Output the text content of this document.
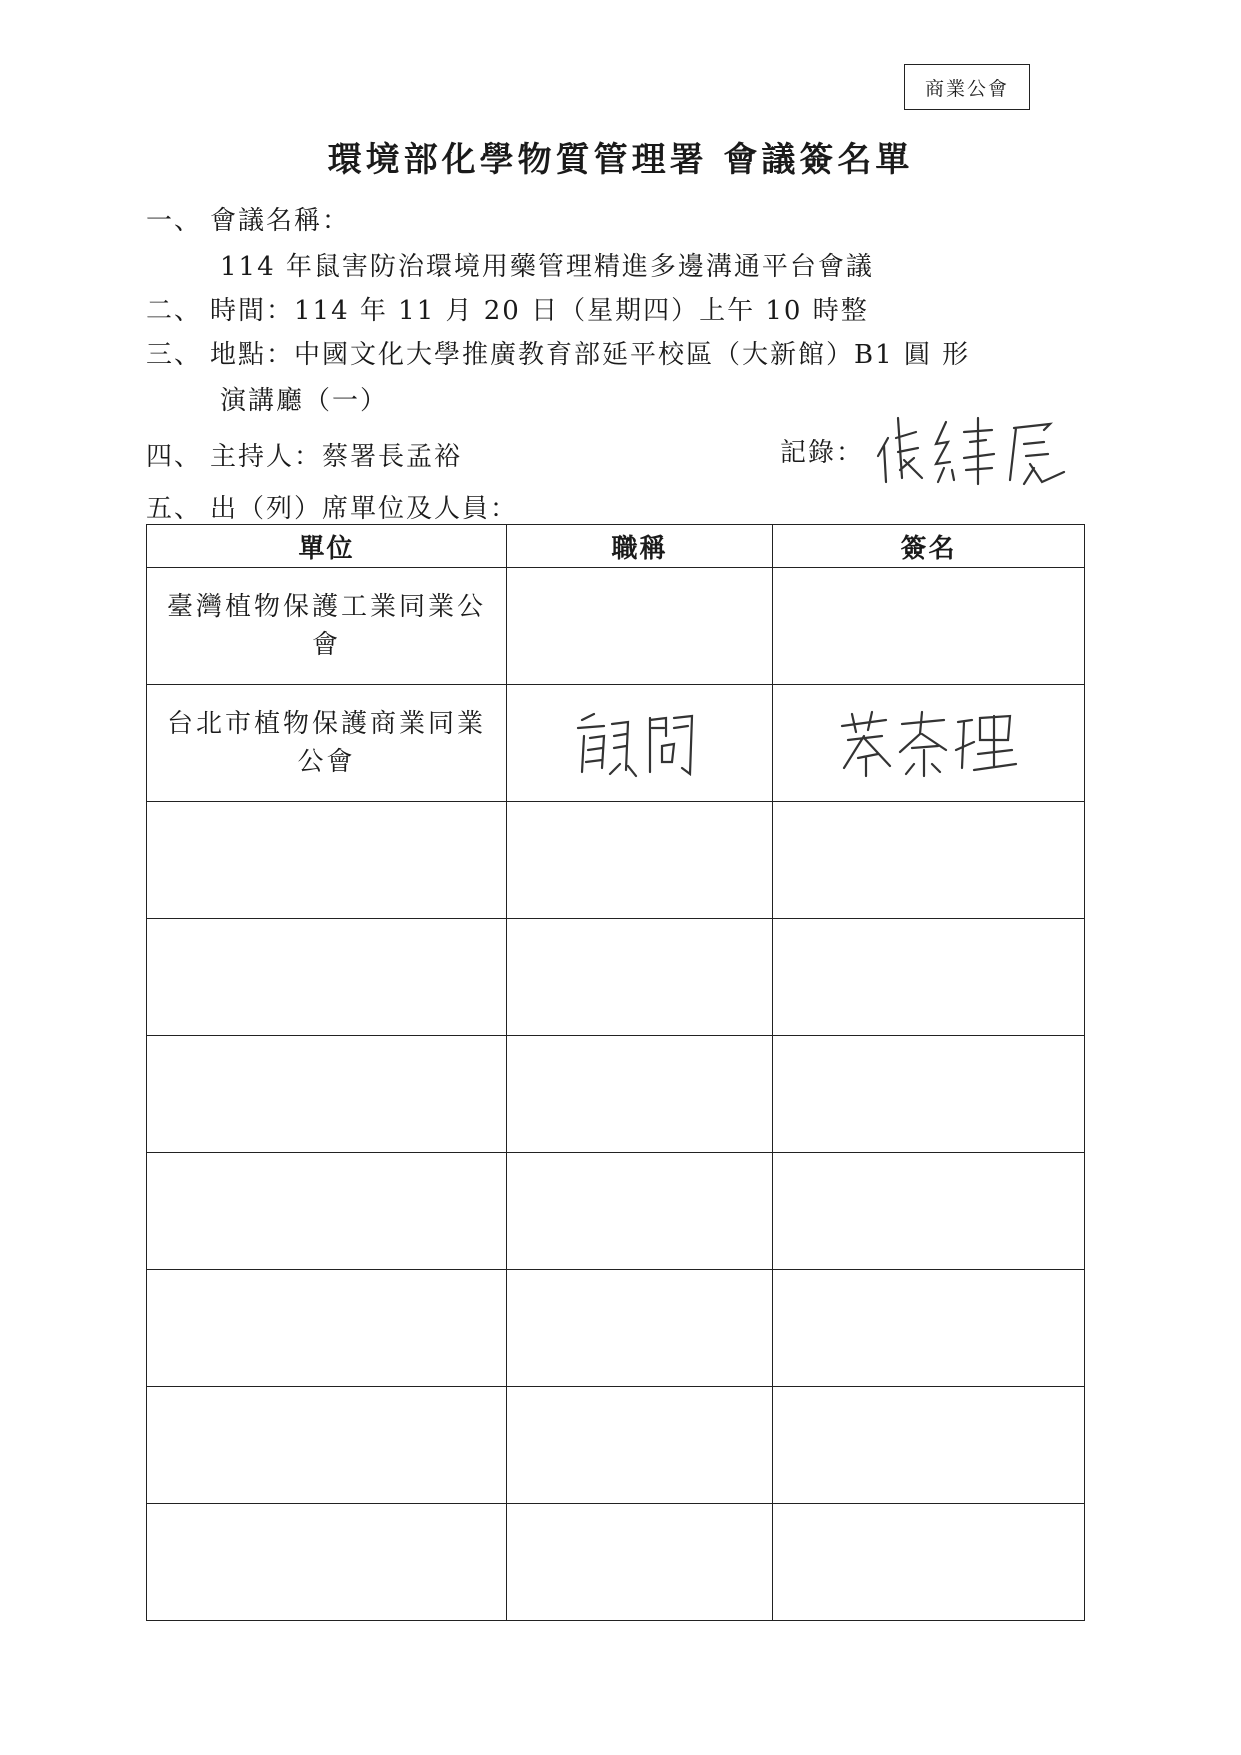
商業公會
環境部化學物質管理署 會議簽名單
一、 會議名稱：
114 年鼠害防治環境用藥管理精進多邊溝通平台會議
二、 時間：114 年 11 月 20 日（星期四）上午 10 時整
三、 地點：中國文化大學推廣教育部延平校區（大新館）B1 圓 形
演講廳（一）
四、 主持人：蔡署長孟裕	記錄：
五、 出（列）席單位及人員：
單位	職稱	簽名
臺灣植物保護工業同業公會		
台北市植物保護商業同業公會	
